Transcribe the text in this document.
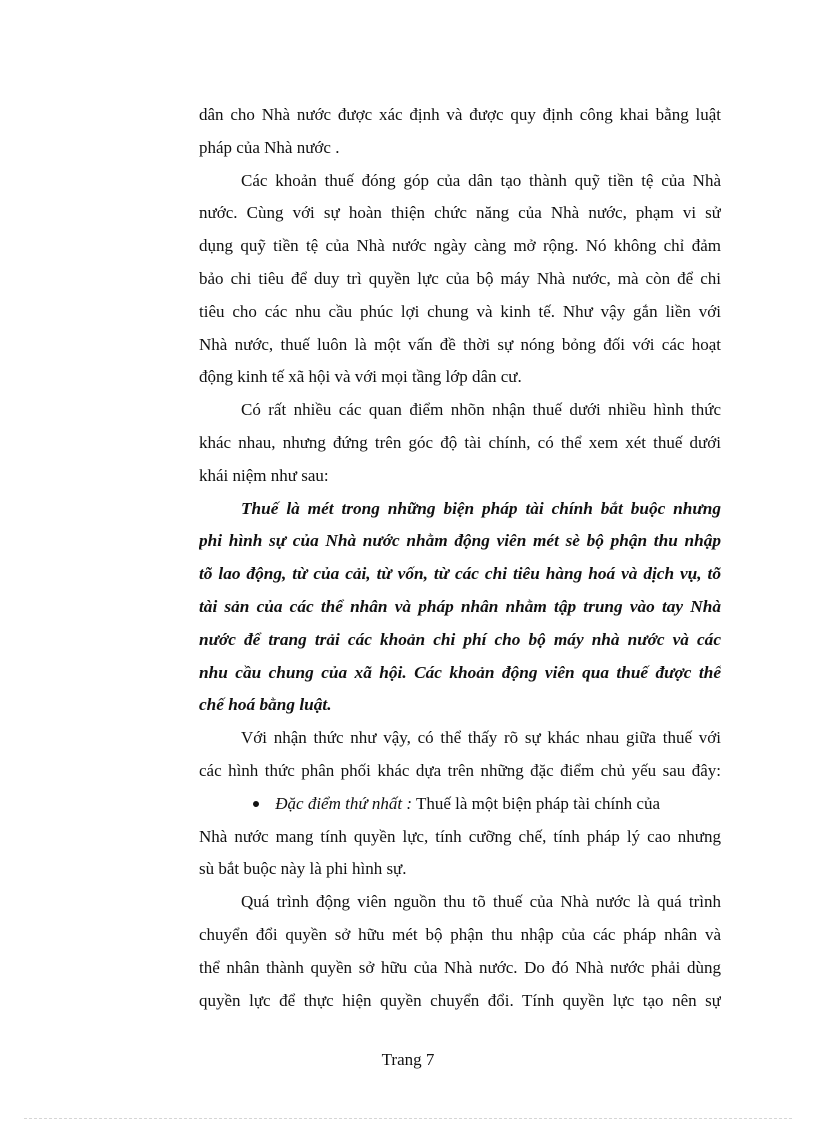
dân cho Nhà nước được xác định và được quy định công khai bằng luật
pháp của Nhà nước .
Các khoản thuế đóng góp của dân tạo thành quỹ tiền tệ của Nhà
nước. Cùng với sự hoàn thiện chức năng của Nhà nước, phạm vi sử
dụng quỹ tiền tệ của Nhà nước ngày càng mở rộng. Nó không chỉ đảm
bảo chi tiêu để duy trì quyền lực của bộ máy Nhà nước, mà còn để chi
tiêu cho các nhu cầu phúc lợi chung và kinh tế. Như vậy gắn liền với
Nhà nước, thuế luôn là một vấn đề thời sự nóng bỏng đối với các hoạt
động kinh tế xã hội và với mọi tầng lớp dân cư.
Có rất nhiều các quan điểm nhõn nhận thuế dưới nhiều hình thức
khác nhau, nhưng đứng trên góc độ tài chính, có thể xem xét thuế dưới
khái niệm như sau:
Thuế là mét trong những biện pháp tài chính bắt buộc nhưng
phi hình sự của Nhà nước nhằm động viên mét sè bộ phận thu nhập
tõ lao động, từ của cải, từ vốn, từ các chi tiêu hàng hoá và dịch vụ, tõ
tài sản của các thể nhân và pháp nhân nhằm tập trung vào tay Nhà
nước để trang trải các khoản chi phí cho bộ máy nhà nước và các
nhu cầu chung của xã hội. Các khoản động viên qua thuế được thể
chế hoá bằng luật.
Với nhận thức như vậy, có thể thấy rõ sự khác nhau giữa thuế với
các hình thức phân phối khác dựa trên những đặc điểm chủ yếu sau đây:
Đặc điểm thứ nhất : Thuế là một biện pháp tài chính của
Nhà nước mang tính quyền lực, tính cưỡng chế, tính pháp lý cao nhưng
sù bắt buộc này là phi hình sự.
Quá trình động viên nguồn thu tõ thuế của Nhà nước là quá trình
chuyển đổi quyền sở hữu mét bộ phận thu nhập của các pháp nhân và
thể nhân thành quyền sở hữu của Nhà nước. Do đó Nhà nước phải dùng
quyền lực để thực hiện quyền chuyển đổi. Tính quyền lực tạo nên sự
Trang 7
